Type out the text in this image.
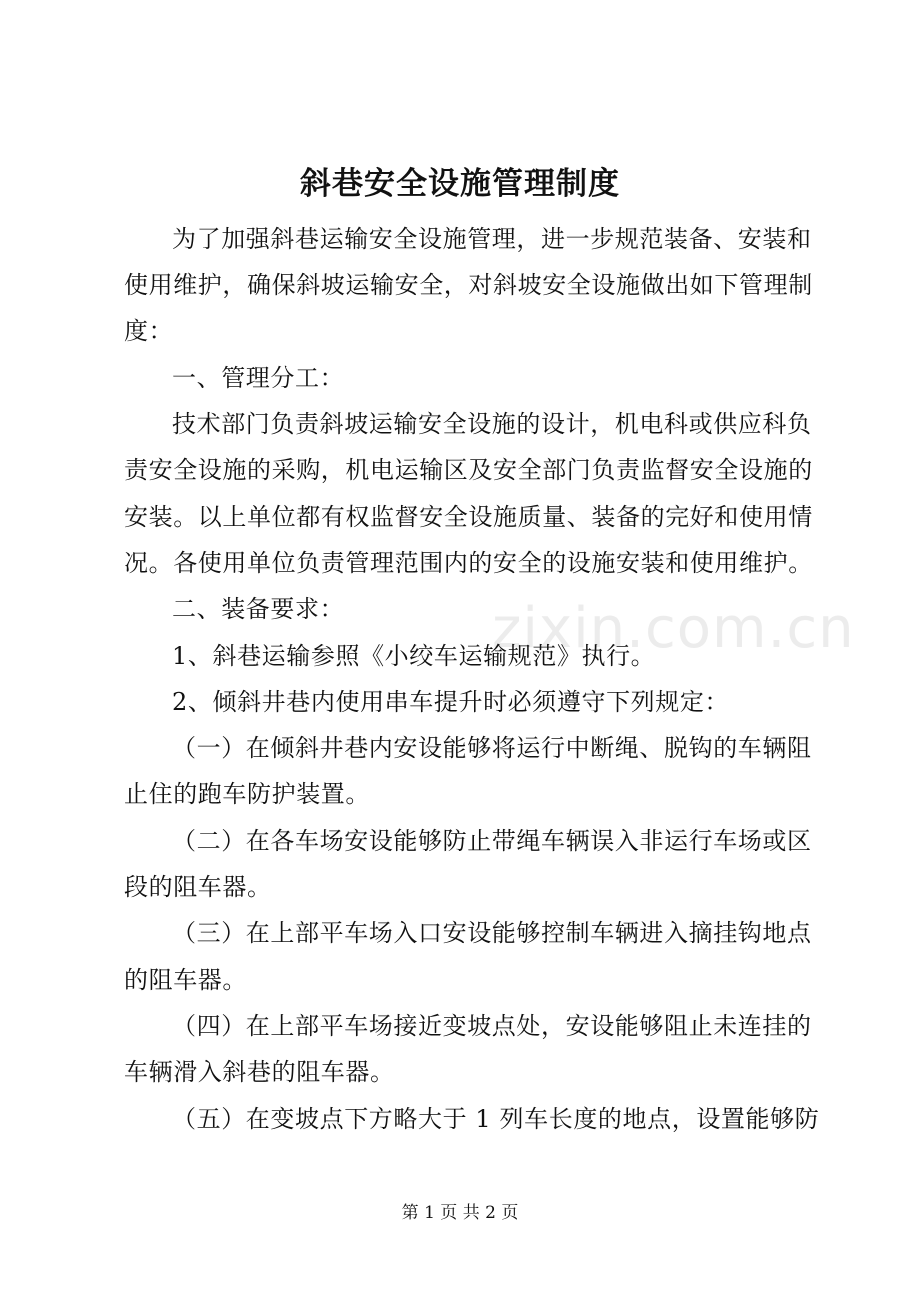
zixin.com.cn
斜巷安全设施管理制度
为了加强斜巷运输安全设施管理，进一步规范装备、安装和
使用维护，确保斜坡运输安全，对斜坡安全设施做出如下管理制
度：
一、管理分工：
技术部门负责斜坡运输安全设施的设计，机电科或供应科负
责安全设施的采购，机电运输区及安全部门负责监督安全设施的
安装。以上单位都有权监督安全设施质量、装备的完好和使用情
况。各使用单位负责管理范围内的安全的设施安装和使用维护。
二、装备要求：
1、斜巷运输参照《小绞车运输规范》执行。
2、倾斜井巷内使用串车提升时必须遵守下列规定：
（一）在倾斜井巷内安设能够将运行中断绳、脱钩的车辆阻
止住的跑车防护装置。
（二）在各车场安设能够防止带绳车辆误入非运行车场或区
段的阻车器。
（三）在上部平车场入口安设能够控制车辆进入摘挂钩地点
的阻车器。
（四）在上部平车场接近变坡点处，安设能够阻止未连挂的
车辆滑入斜巷的阻车器。
（五）在变坡点下方略大于 1 列车长度的地点，设置能够防
第 1 页 共 2 页
